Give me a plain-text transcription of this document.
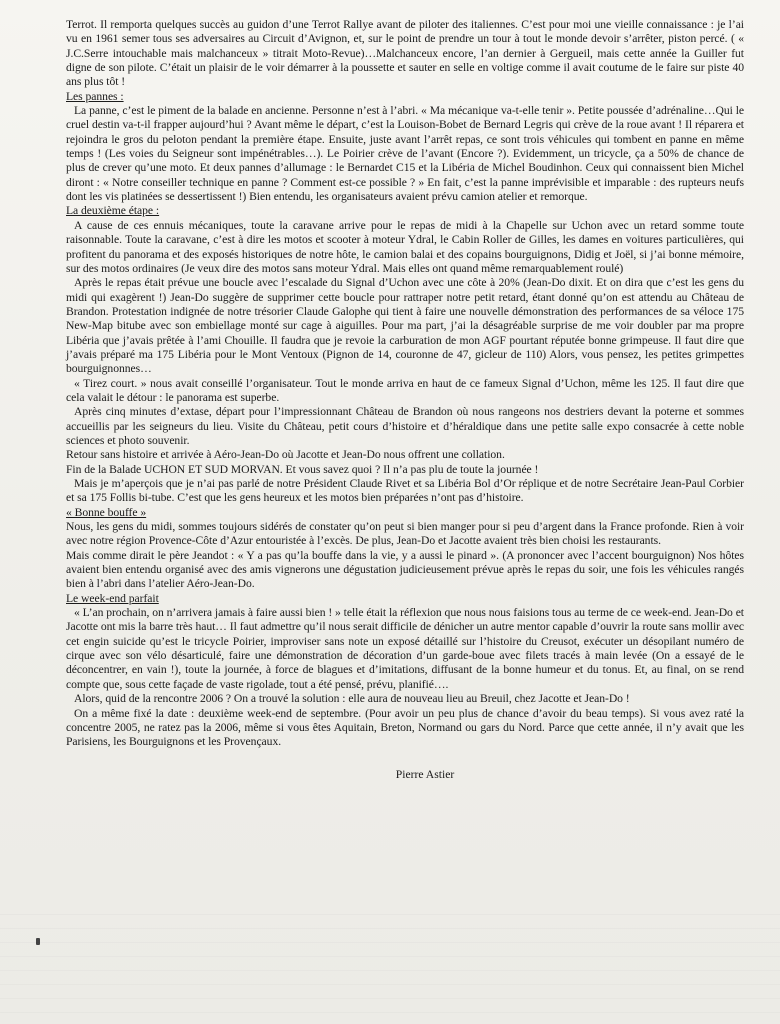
Terrot. Il remporta quelques succès au guidon d’une Terrot Rallye avant de piloter des italiennes. C’est pour moi une vieille connaissance : je l’ai vu en 1961 semer tous ses adversaires au Circuit d’Avignon, et, sur le point de prendre un tour à tout le monde devoir s’arrêter, piston percé. ( « J.C.Serre intouchable mais malchanceux » titrait Moto-Revue)…Malchanceux encore, l’an dernier à Gergueil, mais cette année la Guiller fut digne de son pilote. C’était un plaisir de le voir démarrer à la poussette et sauter en selle en voltige comme il avait coutume de le faire sur piste 40 ans plus tôt !

Les pannes :

La panne, c’est le piment de la balade en ancienne. Personne n’est à l’abri. « Ma mécanique va-t-elle tenir ». Petite poussée d’adrénaline…Qui le cruel destin va-t-il frapper aujourd’hui ? Avant même le départ, c’est la Louison-Bobet de Bernard Legris qui crève de la roue avant ! Il réparera et rejoindra le gros du peloton pendant la première étape. Ensuite, juste avant l’arrêt repas, ce sont trois véhicules qui tombent en panne en même temps ! (Les voies du Seigneur sont impénétrables…). Le Poirier crève de l’avant (Encore ?). Evidemment, un tricycle, ça a 50% de chance de plus de crever qu’une moto. Et deux pannes d’allumage : le Bernardet C15 et la Libéria de Michel Boudinhon. Ceux qui connaissent bien Michel diront : « Notre conseiller technique en panne ? Comment est-ce possible ? » En fait, c’est la panne imprévisible et imparable : des rupteurs neufs dont les vis platinées se dessertissent !) Bien entendu, les organisateurs avaient prévu camion atelier et remorque.

La deuxième étape :

A cause de ces ennuis mécaniques, toute la caravane arrive pour le repas de midi à la Chapelle sur Uchon avec un retard somme toute raisonnable. Toute la caravane, c’est à dire les motos et scooter à moteur Ydral, le Cabin Roller de Gilles, les dames en voitures particulières, qui profitent du panorama et des exposés historiques de notre hôte, le camion balai et des copains bourguignons, Didig et Joël, si j’ai bonne mémoire, sur des motos ordinaires (Je veux dire des motos sans moteur Ydral. Mais elles ont quand même remarquablement roulé)

Après le repas était prévue une boucle avec l’escalade du Signal d’Uchon avec une côte à 20% (Jean-Do dixit. Et on dira que c’est les gens du midi qui exagèrent !) Jean-Do suggère de supprimer cette boucle pour rattraper notre petit retard, étant donné qu’on est attendu au Château de Brandon. Protestation indignée de notre trésorier Claude Galophe qui tient à faire une nouvelle démonstration des performances de sa véloce 175 New-Map bitube avec son embiellage monté sur cage à aiguilles. Pour ma part, j’ai la désagréable surprise de me voir doubler par ma propre Libéria que j’avais prêtée à l’ami Chouille. Il faudra que je revoie la carburation de mon AGF pourtant réputée bonne grimpeuse. Il faut dire que j’avais préparé ma 175 Libéria pour le Mont Ventoux (Pignon de 14, couronne de 47, gicleur de 110) Alors, vous pensez, les petites grimpettes bourguignonnes…

« Tirez court. » nous avait conseillé l’organisateur. Tout le monde arriva en haut de ce fameux Signal d’Uchon, même les 125. Il faut dire que cela valait le détour : le panorama est superbe.

Après cinq minutes d’extase, départ pour l’impressionnant Château de Brandon où nous rangeons nos destriers devant la poterne et sommes accueillis par les seigneurs du lieu. Visite du Château, petit cours d’histoire et d’héraldique dans une petite salle expo consacrée à cette noble sciences et photo souvenir.

Retour sans histoire et arrivée à Aéro-Jean-Do où Jacotte et Jean-Do nous offrent une collation.

Fin de la Balade UCHON ET SUD MORVAN. Et vous savez quoi ? Il n’a pas plu de toute la journée !

Mais je m’aperçois que je n’ai pas parlé de notre Président Claude Rivet et sa Libéria Bol d’Or réplique et de notre Secrétaire Jean-Paul Corbier et sa 175 Follis bi-tube. C’est que les gens heureux et les motos bien préparées n’ont pas d’histoire.

« Bonne bouffe »

Nous, les gens du midi, sommes toujours sidérés de constater qu’on peut si bien manger pour si peu d’argent dans la France profonde. Rien à voir avec notre région Provence-Côte d’Azur entouristée à l’excès. De plus, Jean-Do et Jacotte avaient très bien choisi les restaurants.

Mais comme dirait le père Jeandot : « Y a pas qu’la bouffe dans la vie, y a aussi le pinard ». (A prononcer avec l’accent bourguignon) Nos hôtes avaient bien entendu organisé avec des amis vignerons une dégustation judicieusement prévue après le repas du soir, une fois les véhicules rangés bien à l’abri dans l’atelier Aéro-Jean-Do.

Le week-end parfait

« L’an prochain, on n’arrivera jamais à faire aussi bien ! » telle était la réflexion que nous nous faisions tous au terme de ce week-end. Jean-Do et Jacotte ont mis la barre très haut… Il faut admettre qu’il nous serait difficile de dénicher un autre mentor capable d’ouvrir la route sans mollir avec cet engin suicide qu’est le tricycle Poirier, improviser sans note un exposé détaillé sur l’histoire du Creusot, exécuter un désopilant numéro de cirque avec son vélo désarticulé, faire une démonstration de décoration d’un garde-boue avec filets tracés à main levée (On a essayé de le déconcentrer, en vain !), toute la journée, à force de blagues et d’imitations, diffusant de la bonne humeur et du tonus. Et, au final, on se rend compte que, sous cette façade de vaste rigolade, tout a été pensé, prévu, planifié….

Alors, quid de la rencontre 2006 ? On a trouvé la solution : elle aura de nouveau lieu au Breuil, chez Jacotte et Jean-Do !

On a même fixé la date : deuxième week-end de septembre. (Pour avoir un peu plus de chance d’avoir du beau temps). Si vous avez raté la concentre 2005, ne ratez pas la 2006, même si vous êtes Aquitain, Breton, Normand ou gars du Nord. Parce que cette année, il n’y avait que les Parisiens, les Bourguignons et les Provençaux.

Pierre Astier
